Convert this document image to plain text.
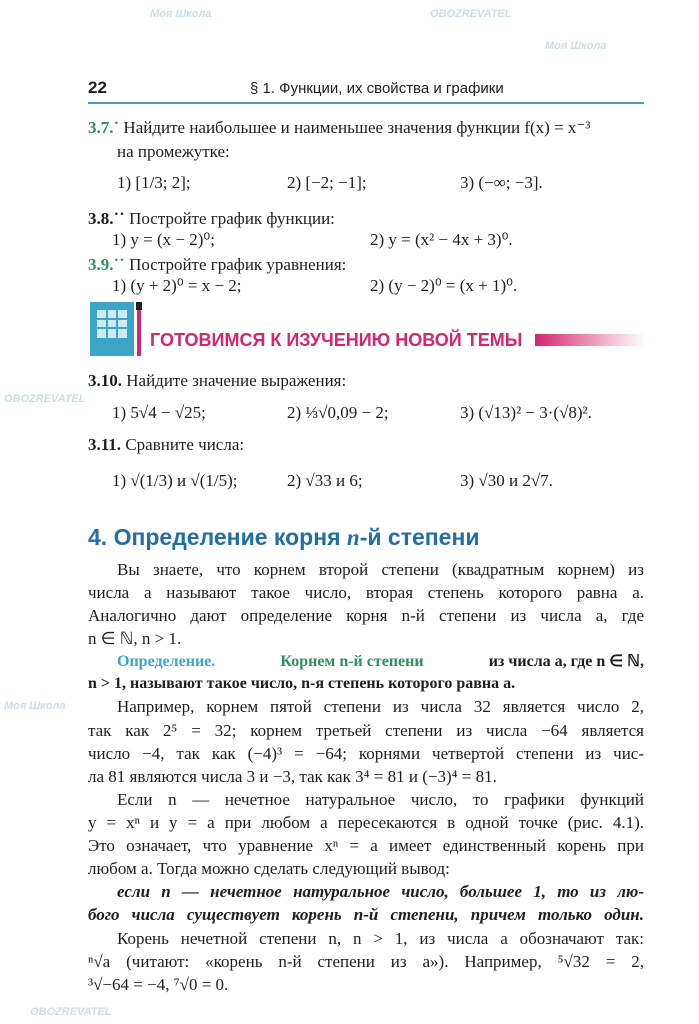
Моя Школа	OBOZREVATEL
Моя Школа
OBOZREVATEL
Моя Школа
OBOZREVATEL
22	§ 1. Функции, их свойства и графики
3.7.˙ Найдите наибольшее и наименьшее значения функции f(x) = x⁻³
на промежутке:
1) [1/3; 2];	2) [−2; −1];	3) (−∞; −3].
3.8.˙˙ Постройте график функции:
1) y = (x − 2)⁰;	2) y = (x² − 4x + 3)⁰.
3.9.˙˙ Постройте график уравнения:
1) (y + 2)⁰ = x − 2;	2) (y − 2)⁰ = (x + 1)⁰.
ГОТОВИМСЯ К ИЗУЧЕНИЮ НОВОЙ ТЕМЫ
3.10. Найдите значение выражения:
1) 5√4 − √25;	2) ⅓√0,09 − 2;	3) (√13)² − 3·(√8)².
3.11. Сравните числа:
1) √(1/3) и √(1/5);	2) √33 и 6;	3) √30 и 2√7.
4. Определение корня n-й степени
Вы знаете, что корнем второй степени (квадратным корнем) из
числа a называют такое число, вторая степень которого равна a.
Аналогично дают определение корня n-й степени из числа a, где
n ∈ ℕ, n > 1.
Определение.	Корнем n-й степени	из числа a, где n ∈ ℕ,
n > 1, называют такое число, n-я степень которого равна a.
Например, корнем пятой степени из числа 32 является число 2,
так как 2⁵ = 32; корнем третьей степени из числа −64 является
число −4, так как (−4)³ = −64; корнями четвертой степени из чис-
ла 81 являются числа 3 и −3, так как 3⁴ = 81 и (−3)⁴ = 81.
Если n — нечетное натуральное число, то графики функций
y = xⁿ и y = a при любом a пересекаются в одной точке (рис. 4.1).
Это означает, что уравнение xⁿ = a имеет единственный корень при
любом a. Тогда можно сделать следующий вывод:
если n — нечетное натуральное число, большее 1, то из лю-
бого числа существует корень n-й степени, причем только один.
Корень нечетной степени n, n > 1, из числа a обозначают так:
ⁿ√a (читают: «корень n-й степени из a»). Например, ⁵√32 = 2,
³√−64 = −4, ⁷√0 = 0.
